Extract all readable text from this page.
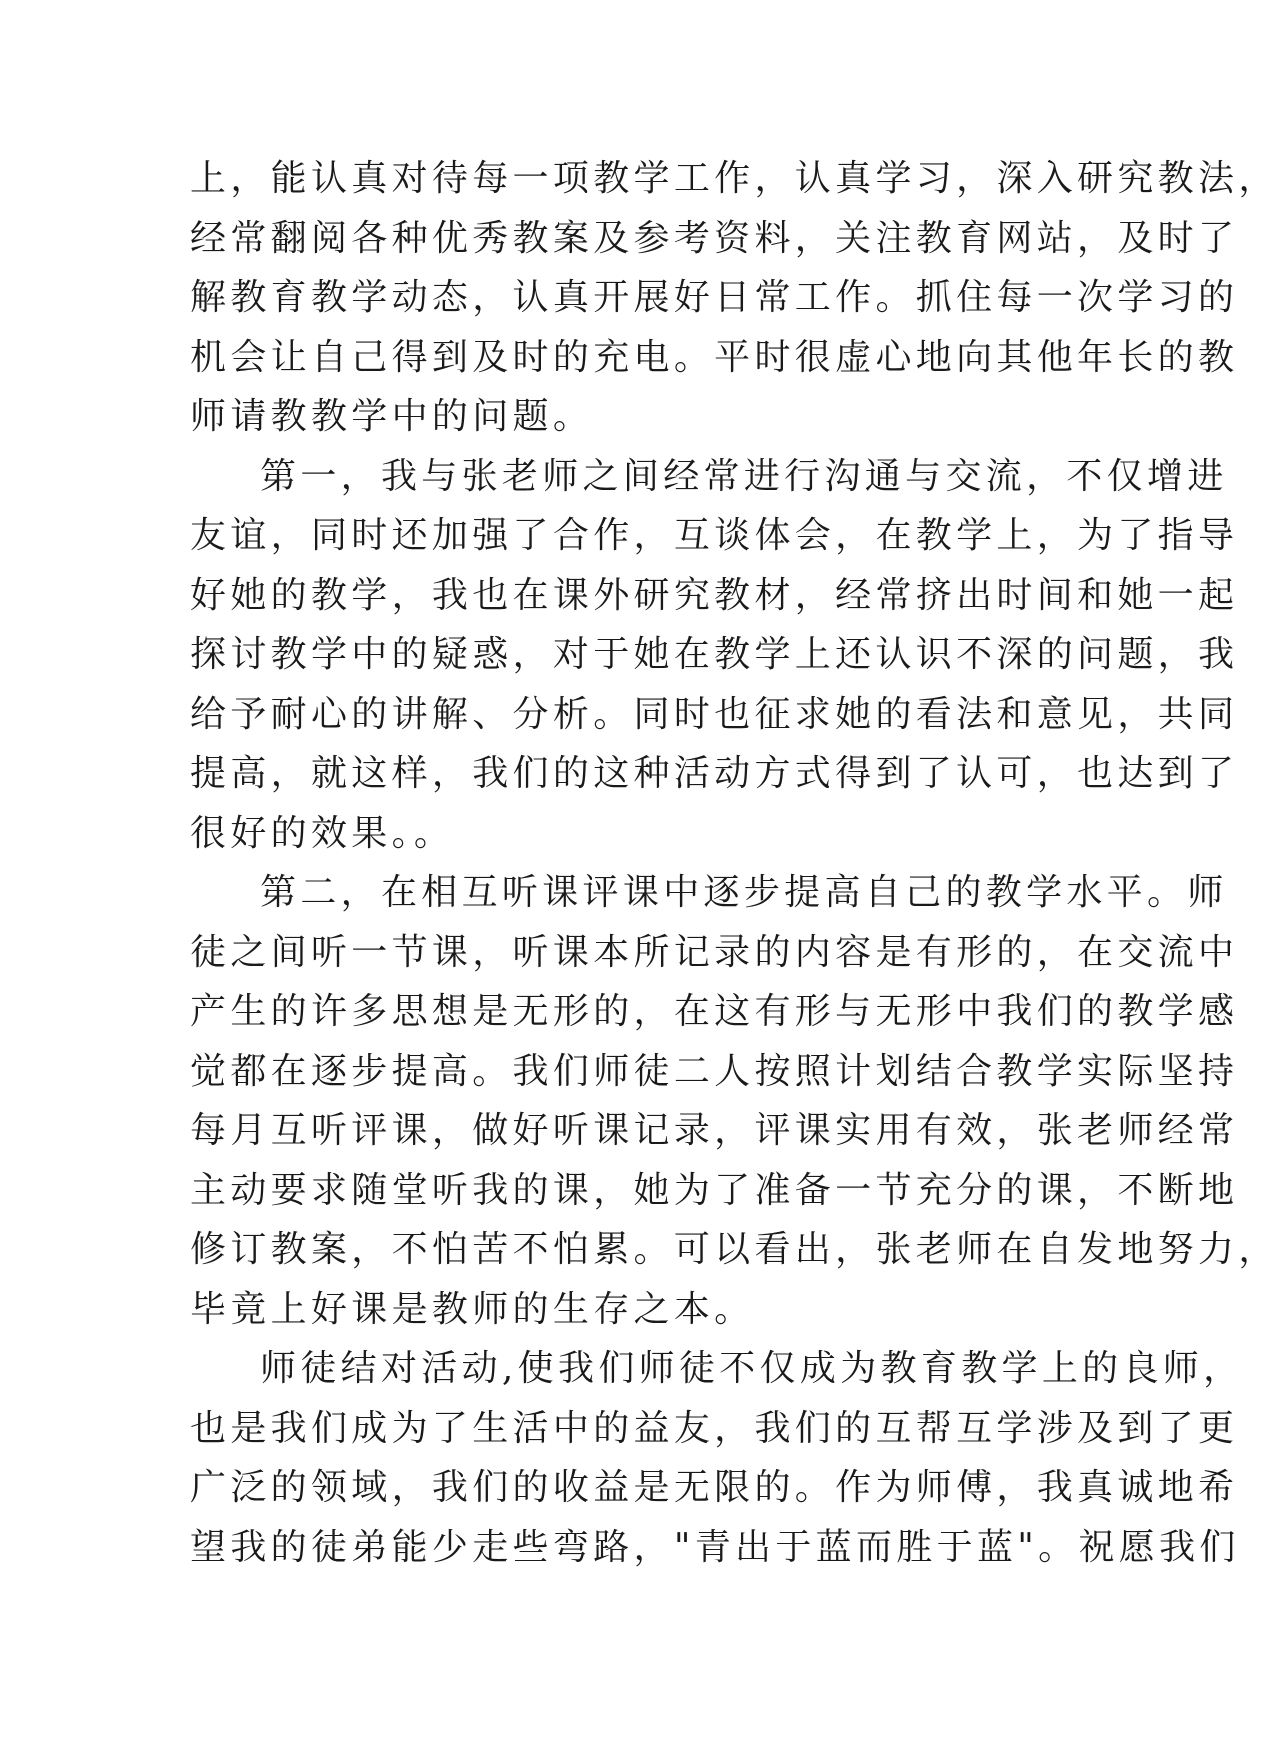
上，能认真对待每一项教学工作，认真学习，深入研究教法，
经常翻阅各种优秀教案及参考资料，关注教育网站，及时了
解教育教学动态，认真开展好日常工作。抓住每一次学习的
机会让自己得到及时的充电。平时很虚心地向其他年长的教
师请教教学中的问题。
第一，我与张老师之间经常进行沟通与交流，不仅增进
友谊，同时还加强了合作，互谈体会，在教学上，为了指导
好她的教学，我也在课外研究教材，经常挤出时间和她一起
探讨教学中的疑惑，对于她在教学上还认识不深的问题，我
给予耐心的讲解、分析。同时也征求她的看法和意见，共同
提高，就这样，我们的这种活动方式得到了认可，也达到了
很好的效果。。
第二，在相互听课评课中逐步提高自己的教学水平。师
徒之间听一节课，听课本所记录的内容是有形的，在交流中
产生的许多思想是无形的，在这有形与无形中我们的教学感
觉都在逐步提高。我们师徒二人按照计划结合教学实际坚持
每月互听评课，做好听课记录，评课实用有效，张老师经常
主动要求随堂听我的课，她为了准备一节充分的课，不断地
修订教案，不怕苦不怕累。可以看出，张老师在自发地努力，
毕竟上好课是教师的生存之本。
师徒结对活动,使我们师徒不仅成为教育教学上的良师，
也是我们成为了生活中的益友，我们的互帮互学涉及到了更
广泛的领域，我们的收益是无限的。作为师傅，我真诚地希
望我的徒弟能少走些弯路，"青出于蓝而胜于蓝"。祝愿我们
